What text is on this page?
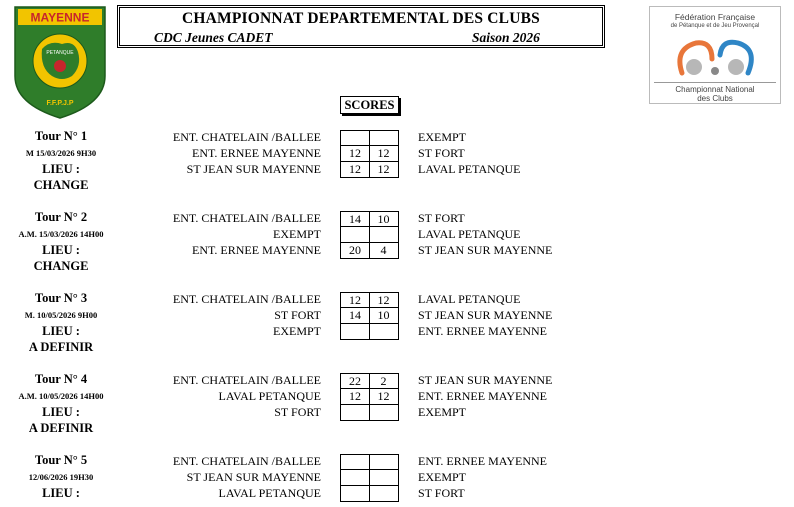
MAYENNE
PETANQUE
F.F.P.J.P
CHAMPIONNAT DEPARTEMENTAL DES CLUBS
CDC Jeunes CADET	Saison 2026
Fédération Française
de Pétanque et de Jeu Provençal
Championnat National
des Clubs
SCORES
Tour N° 1
M 15/03/2026 9H30
LIEU :
CHANGE
ENT. CHATELAIN /BALLEE	EXEMPT
ENT. ERNEE MAYENNE	12	12	ST FORT
ST JEAN SUR MAYENNE	12	12	LAVAL PETANQUE
Tour N° 2
A.M. 15/03/2026 14H00
LIEU :
CHANGE
ENT. CHATELAIN /BALLEE	14	10	ST FORT
EXEMPT	LAVAL PETANQUE
ENT. ERNEE MAYENNE	20	4	ST JEAN SUR MAYENNE
Tour N° 3
M. 10/05/2026 9H00
LIEU :
A DEFINIR
ENT. CHATELAIN /BALLEE	12	12	LAVAL PETANQUE
ST FORT	14	10	ST JEAN SUR MAYENNE
EXEMPT	ENT. ERNEE MAYENNE
Tour N° 4
A.M. 10/05/2026 14H00
LIEU :
A DEFINIR
ENT. CHATELAIN /BALLEE	22	2	ST JEAN SUR MAYENNE
LAVAL PETANQUE	12	12	ENT. ERNEE MAYENNE
ST FORT	EXEMPT
Tour N° 5
12/06/2026 19H30
LIEU :
ENT. CHATELAIN /BALLEE	ENT. ERNEE MAYENNE
ST JEAN SUR MAYENNE	EXEMPT
LAVAL PETANQUE	ST FORT
